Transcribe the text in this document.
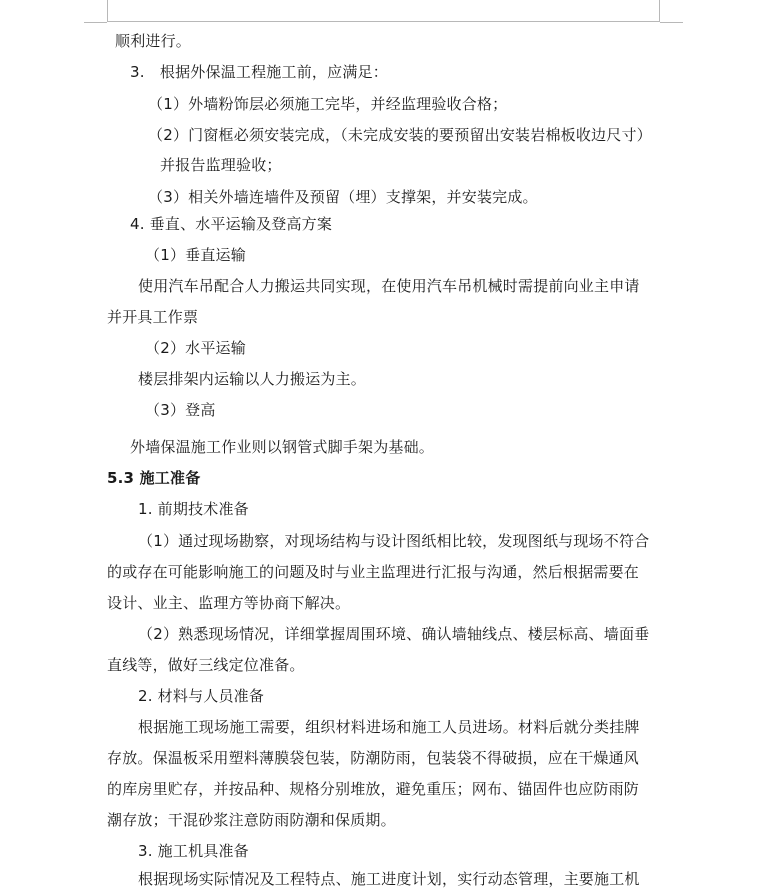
顺利进行。
3.　根据外保温工程施工前，应满足：
（1）外墙粉饰层必须施工完毕，并经监理验收合格；
（2）门窗框必须安装完成，（未完成安装的要预留出安装岩棉板收边尺寸）
并报告监理验收；
（3）相关外墙连墙件及预留（埋）支撑架，并安装完成。
4. 垂直、水平运输及登高方案
（1）垂直运输
使用汽车吊配合人力搬运共同实现，在使用汽车吊机械时需提前向业主申请
并开具工作票
（2）水平运输
楼层排架内运输以人力搬运为主。
（3）登高
外墙保温施工作业则以钢管式脚手架为基础。
5.3 施工准备
1. 前期技术准备
（1）通过现场勘察，对现场结构与设计图纸相比较，发现图纸与现场不符合
的或存在可能影响施工的问题及时与业主监理进行汇报与沟通，然后根据需要在
设计、业主、监理方等协商下解决。
（2）熟悉现场情况，详细掌握周围环境、确认墙轴线点、楼层标高、墙面垂
直线等，做好三线定位准备。
2. 材料与人员准备
根据施工现场施工需要，组织材料进场和施工人员进场。材料后就分类挂牌
存放。保温板采用塑料薄膜袋包装，防潮防雨，包装袋不得破损，应在干燥通风
的库房里贮存，并按品种、规格分别堆放，避免重压；网布、锚固件也应防雨防
潮存放；干混砂浆注意防雨防潮和保质期。
3. 施工机具准备
根据现场实际情况及工程特点、施工进度计划，实行动态管理，主要施工机
